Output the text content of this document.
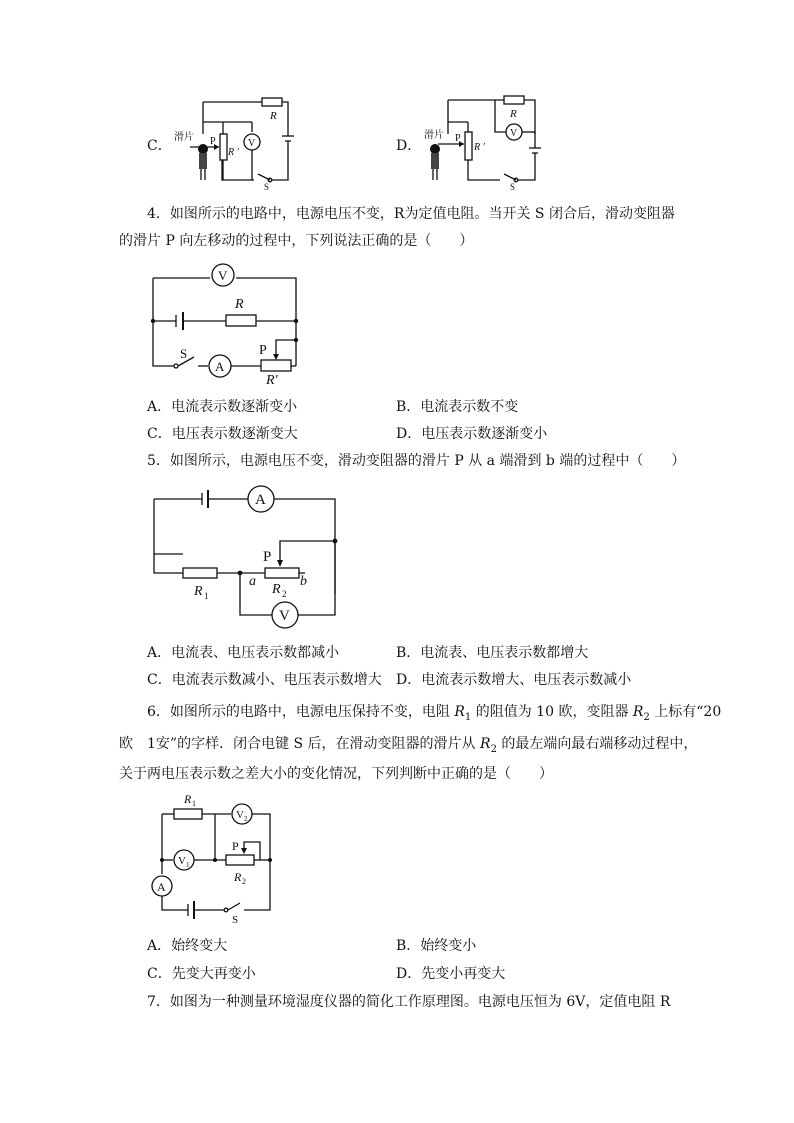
C．
R
S
R ′
V
滑片 P	D．
R
V
S
R ′
滑片 P
4．如图所示的电路中，电源电压不变，R为定值电阻。当开关 S 闭合后，滑动变阻器
的滑片 P 向左移动的过程中，下列说法正确的是（　　）
V
R
S
A
P
R′
A．电流表示数逐渐变小	B．电流表示数不变
C．电压表示数逐渐变大	D．电压表示数逐渐变小
5．如图所示，电源电压不变，滑动变阻器的滑片 P 从 a 端滑到 b 端的过程中（　　）
A
R 1
a
R 2
b
P
V
A．电流表、电压表示数都减小	B．电流表、电压表示数都增大
C．电流表示数减小、电压表示数增大 D．电流表示数增大、电压表示数减小
6．如图所示的电路中，电源电压保持不变，电阻 $R_1$ 的阻值为 10 欧，变阻器 $R_2$ 上标有“20
欧　1安”的字样．闭合电键 S 后，在滑动变阻器的滑片从 $R_2$ 的最左端向最右端移动过程中，
关于两电压表示数之差大小的变化情况，下列判断中正确的是（　　）
A
R 1
V 2
V 1
R 2
P
S
A．始终变大	B．始终变小
C．先变大再变小	D．先变小再变大
7．如图为一种测量环境湿度仪器的简化工作原理图。电源电压恒为 6V，定值电阻 R
